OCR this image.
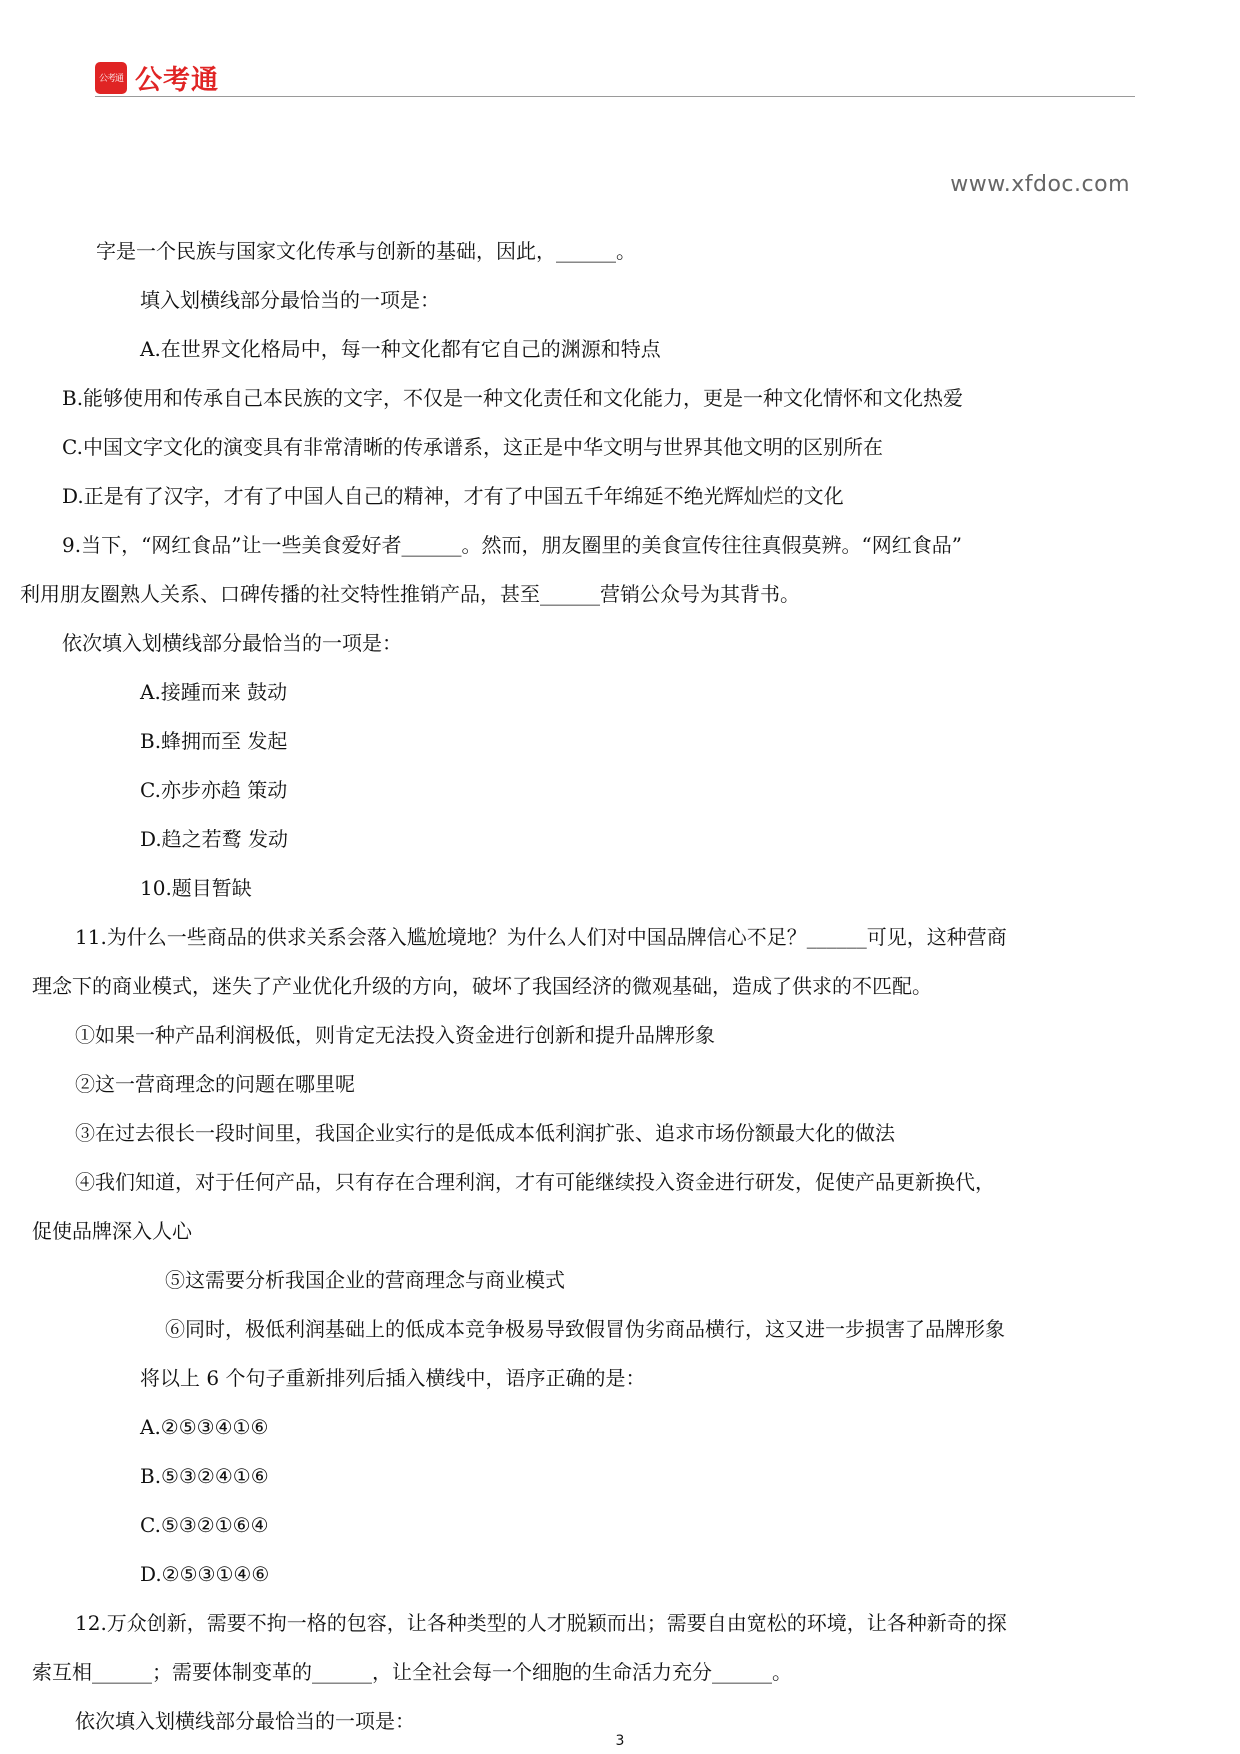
公考通 公考通
www.xfdoc.com
字是一个民族与国家文化传承与创新的基础，因此，______。
填入划横线部分最恰当的一项是：
A.在世界文化格局中，每一种文化都有它自己的渊源和特点
B.能够使用和传承自己本民族的文字，不仅是一种文化责任和文化能力，更是一种文化情怀和文化热爱
C.中国文字文化的演变具有非常清晰的传承谱系，这正是中华文明与世界其他文明的区别所在
D.正是有了汉字，才有了中国人自己的精神，才有了中国五千年绵延不绝光辉灿烂的文化
9.当下，“网红食品”让一些美食爱好者______。然而，朋友圈里的美食宣传往往真假莫辨。“网红食品”
利用朋友圈熟人关系、口碑传播的社交特性推销产品，甚至______营销公众号为其背书。
依次填入划横线部分最恰当的一项是：
A.接踵而来 鼓动
B.蜂拥而至 发起
C.亦步亦趋 策动
D.趋之若鹜 发动
10.题目暂缺
11.为什么一些商品的供求关系会落入尴尬境地？为什么人们对中国品牌信心不足？______可见，这种营商
理念下的商业模式，迷失了产业优化升级的方向，破坏了我国经济的微观基础，造成了供求的不匹配。
①如果一种产品利润极低，则肯定无法投入资金进行创新和提升品牌形象
②这一营商理念的问题在哪里呢
③在过去很长一段时间里，我国企业实行的是低成本低利润扩张、追求市场份额最大化的做法
④我们知道，对于任何产品，只有存在合理利润，才有可能继续投入资金进行研发，促使产品更新换代，
促使品牌深入人心
⑤这需要分析我国企业的营商理念与商业模式
⑥同时，极低利润基础上的低成本竞争极易导致假冒伪劣商品横行，这又进一步损害了品牌形象
将以上 6 个句子重新排列后插入横线中，语序正确的是：
A.②⑤③④①⑥
B.⑤③②④①⑥
C.⑤③②①⑥④
D.②⑤③①④⑥
12.万众创新，需要不拘一格的包容，让各种类型的人才脱颖而出；需要自由宽松的环境，让各种新奇的探
索互相______；需要体制变革的______，让全社会每一个细胞的生命活力充分______。
依次填入划横线部分最恰当的一项是：
3
